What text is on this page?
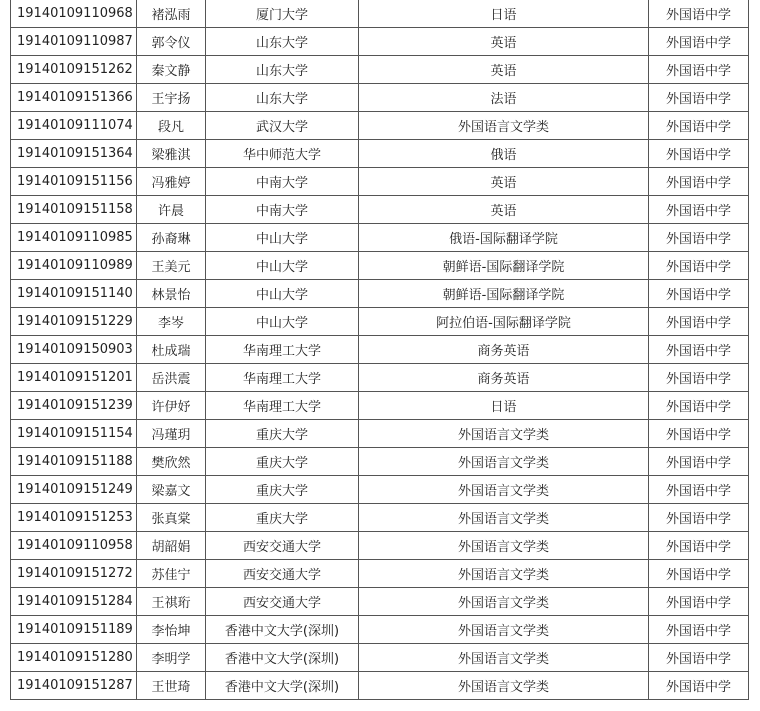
19140109110968	褚泓雨	厦门大学	日语	外国语中学
19140109110987	郭令仪	山东大学	英语	外国语中学
19140109151262	秦文静	山东大学	英语	外国语中学
19140109151366	王宇扬	山东大学	法语	外国语中学
19140109111074	段凡	武汉大学	外国语言文学类	外国语中学
19140109151364	梁雅淇	华中师范大学	俄语	外国语中学
19140109151156	冯雅婷	中南大学	英语	外国语中学
19140109151158	许晨	中南大学	英语	外国语中学
19140109110985	孙裔琳	中山大学	俄语-国际翻译学院	外国语中学
19140109110989	王美元	中山大学	朝鲜语-国际翻译学院	外国语中学
19140109151140	林景怡	中山大学	朝鲜语-国际翻译学院	外国语中学
19140109151229	李岑	中山大学	阿拉伯语-国际翻译学院	外国语中学
19140109150903	杜成瑞	华南理工大学	商务英语	外国语中学
19140109151201	岳洪震	华南理工大学	商务英语	外国语中学
19140109151239	许伊妤	华南理工大学	日语	外国语中学
19140109151154	冯瑾玥	重庆大学	外国语言文学类	外国语中学
19140109151188	樊欣然	重庆大学	外国语言文学类	外国语中学
19140109151249	梁嘉文	重庆大学	外国语言文学类	外国语中学
19140109151253	张真棠	重庆大学	外国语言文学类	外国语中学
19140109110958	胡韶娟	西安交通大学	外国语言文学类	外国语中学
19140109151272	苏佳宁	西安交通大学	外国语言文学类	外国语中学
19140109151284	王祺珩	西安交通大学	外国语言文学类	外国语中学
19140109151189	李怡坤	香港中文大学(深圳)	外国语言文学类	外国语中学
19140109151280	李明学	香港中文大学(深圳)	外国语言文学类	外国语中学
19140109151287	王世琦	香港中文大学(深圳)	外国语言文学类	外国语中学
